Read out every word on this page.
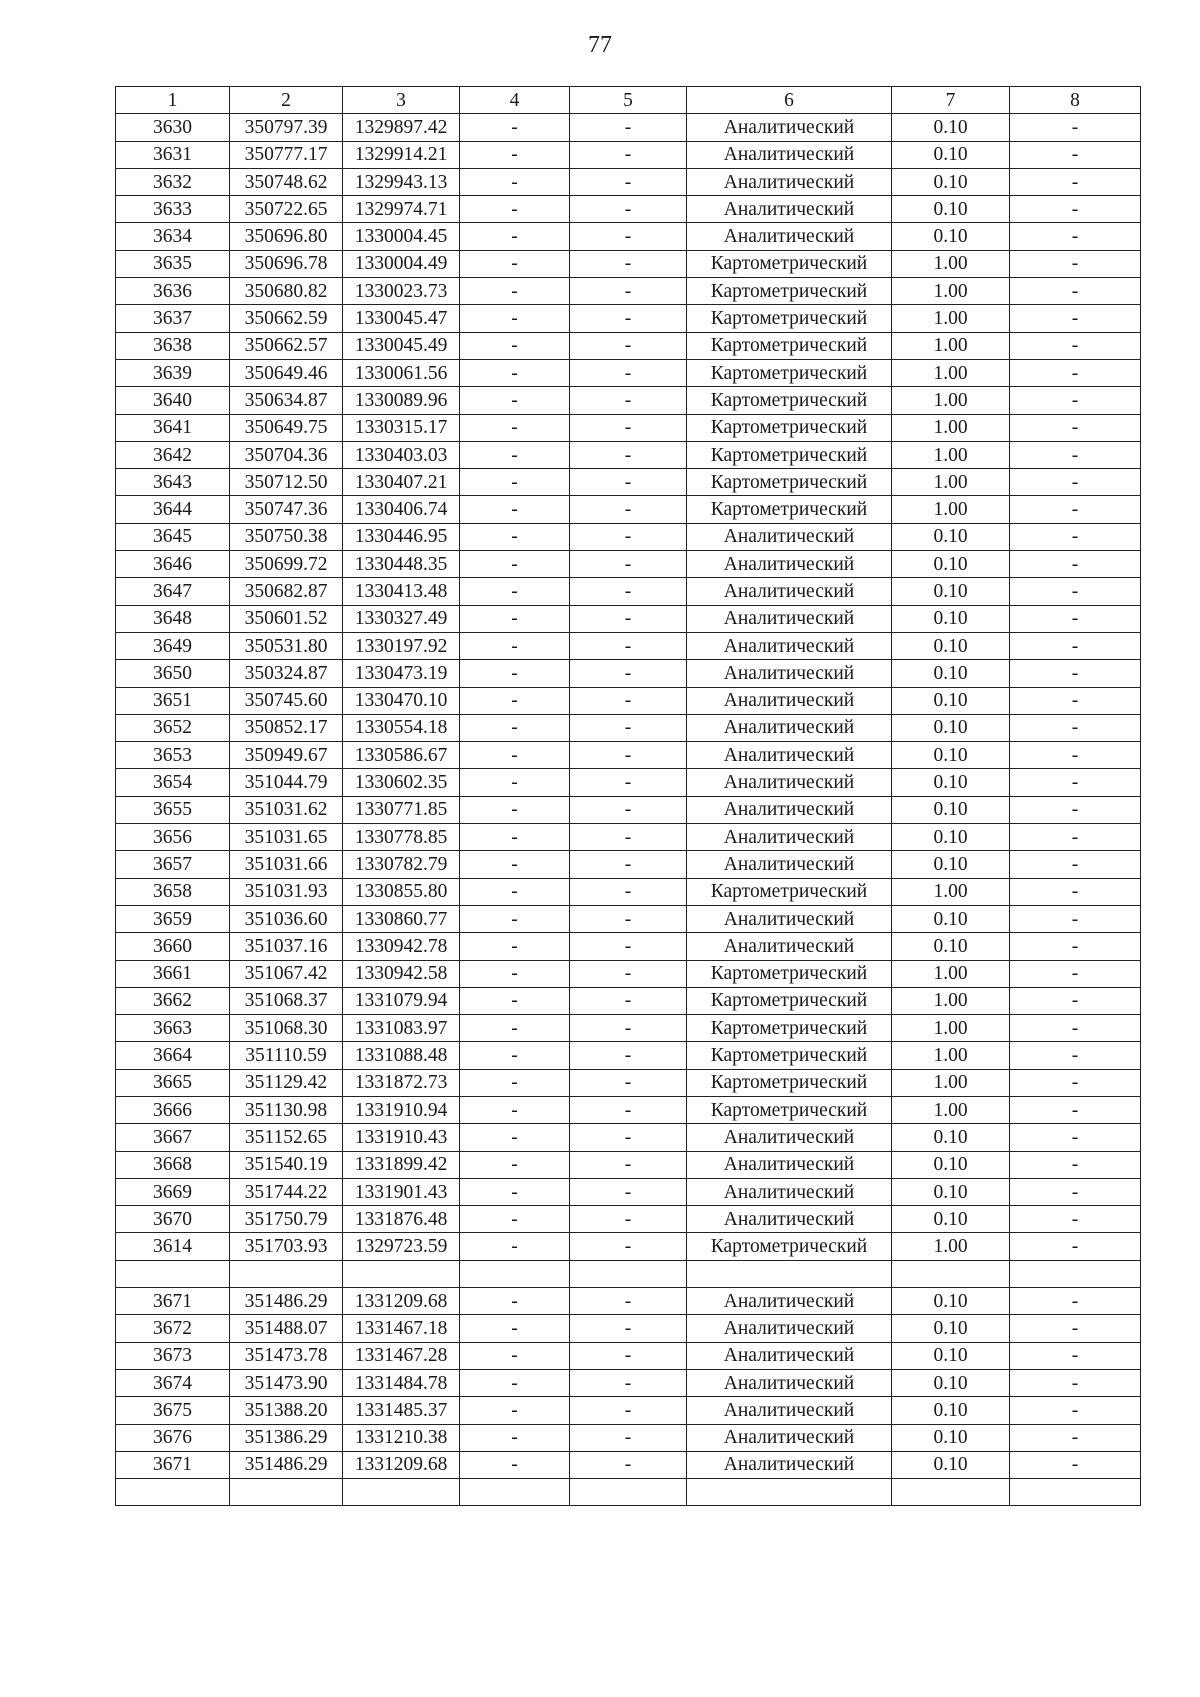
77
1	2	3	4	5	6	7	8
3630	350797.39	1329897.42	-	-	Аналитический	0.10	-
3631	350777.17	1329914.21	-	-	Аналитический	0.10	-
3632	350748.62	1329943.13	-	-	Аналитический	0.10	-
3633	350722.65	1329974.71	-	-	Аналитический	0.10	-
3634	350696.80	1330004.45	-	-	Аналитический	0.10	-
3635	350696.78	1330004.49	-	-	Картометрический	1.00	-
3636	350680.82	1330023.73	-	-	Картометрический	1.00	-
3637	350662.59	1330045.47	-	-	Картометрический	1.00	-
3638	350662.57	1330045.49	-	-	Картометрический	1.00	-
3639	350649.46	1330061.56	-	-	Картометрический	1.00	-
3640	350634.87	1330089.96	-	-	Картометрический	1.00	-
3641	350649.75	1330315.17	-	-	Картометрический	1.00	-
3642	350704.36	1330403.03	-	-	Картометрический	1.00	-
3643	350712.50	1330407.21	-	-	Картометрический	1.00	-
3644	350747.36	1330406.74	-	-	Картометрический	1.00	-
3645	350750.38	1330446.95	-	-	Аналитический	0.10	-
3646	350699.72	1330448.35	-	-	Аналитический	0.10	-
3647	350682.87	1330413.48	-	-	Аналитический	0.10	-
3648	350601.52	1330327.49	-	-	Аналитический	0.10	-
3649	350531.80	1330197.92	-	-	Аналитический	0.10	-
3650	350324.87	1330473.19	-	-	Аналитический	0.10	-
3651	350745.60	1330470.10	-	-	Аналитический	0.10	-
3652	350852.17	1330554.18	-	-	Аналитический	0.10	-
3653	350949.67	1330586.67	-	-	Аналитический	0.10	-
3654	351044.79	1330602.35	-	-	Аналитический	0.10	-
3655	351031.62	1330771.85	-	-	Аналитический	0.10	-
3656	351031.65	1330778.85	-	-	Аналитический	0.10	-
3657	351031.66	1330782.79	-	-	Аналитический	0.10	-
3658	351031.93	1330855.80	-	-	Картометрический	1.00	-
3659	351036.60	1330860.77	-	-	Аналитический	0.10	-
3660	351037.16	1330942.78	-	-	Аналитический	0.10	-
3661	351067.42	1330942.58	-	-	Картометрический	1.00	-
3662	351068.37	1331079.94	-	-	Картометрический	1.00	-
3663	351068.30	1331083.97	-	-	Картометрический	1.00	-
3664	351110.59	1331088.48	-	-	Картометрический	1.00	-
3665	351129.42	1331872.73	-	-	Картометрический	1.00	-
3666	351130.98	1331910.94	-	-	Картометрический	1.00	-
3667	351152.65	1331910.43	-	-	Аналитический	0.10	-
3668	351540.19	1331899.42	-	-	Аналитический	0.10	-
3669	351744.22	1331901.43	-	-	Аналитический	0.10	-
3670	351750.79	1331876.48	-	-	Аналитический	0.10	-
3614	351703.93	1329723.59	-	-	Картометрический	1.00	-

3671	351486.29	1331209.68	-	-	Аналитический	0.10	-
3672	351488.07	1331467.18	-	-	Аналитический	0.10	-
3673	351473.78	1331467.28	-	-	Аналитический	0.10	-
3674	351473.90	1331484.78	-	-	Аналитический	0.10	-
3675	351388.20	1331485.37	-	-	Аналитический	0.10	-
3676	351386.29	1331210.38	-	-	Аналитический	0.10	-
3671	351486.29	1331209.68	-	-	Аналитический	0.10	-
